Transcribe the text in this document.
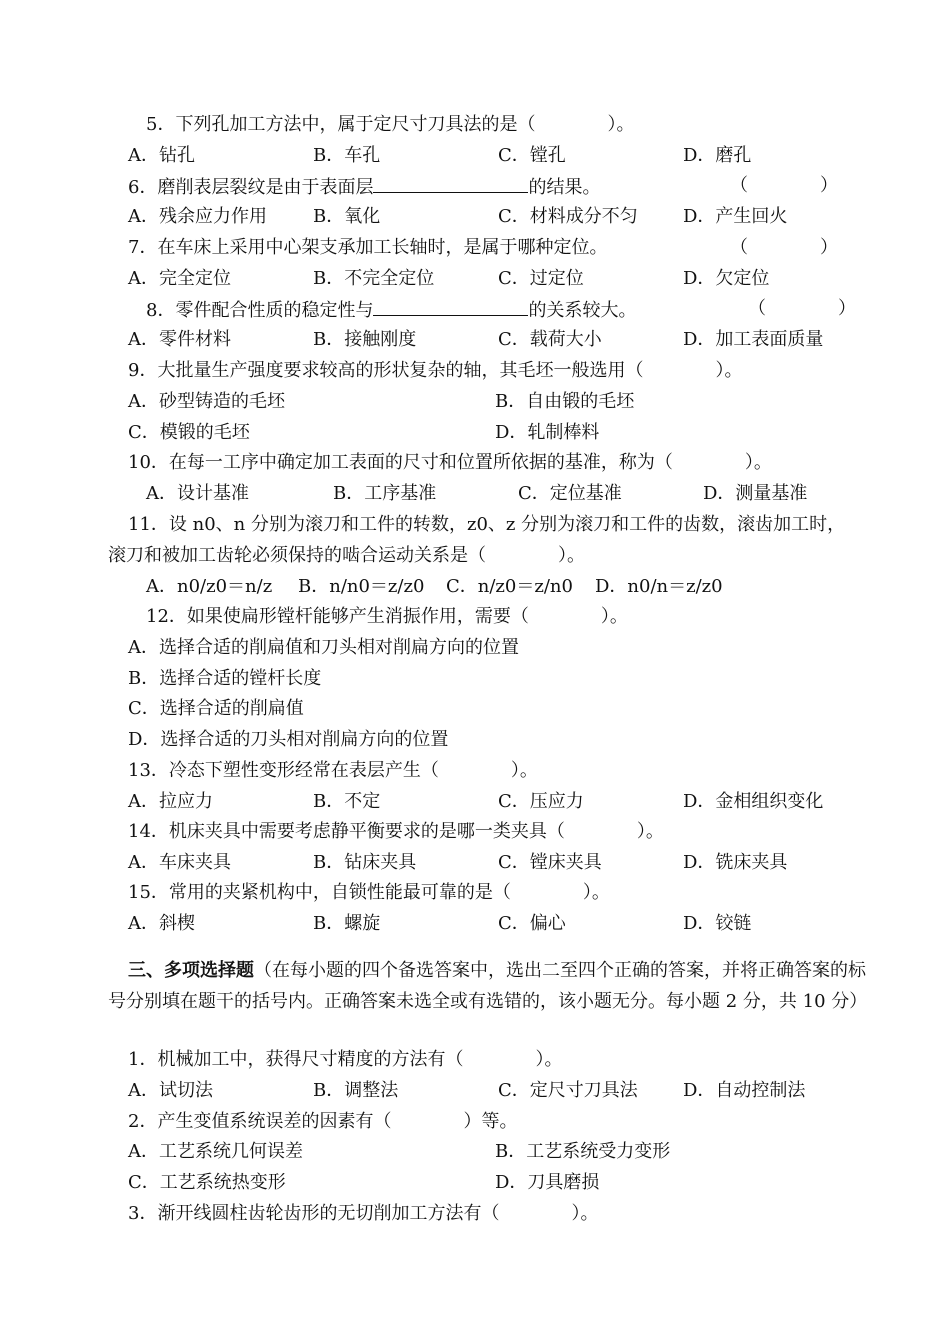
5．下列孔加工方法中，属于定尺寸刀具法的是（　　　　）。
A．钻孔	B．车孔	C．镗孔	D．磨孔
6．磨削表层裂纹是由于表面层	的结果。	（　　　　）
A．残余应力作用	B．氧化	C．材料成分不匀	D．产生回火
7．在车床上采用中心架支承加工长轴时，是属于哪种定位。	（　　　　）
A．完全定位	B．不完全定位	C．过定位	D．欠定位
8．零件配合性质的稳定性与	的关系较大。	（　　　　）
A．零件材料	B．接触刚度	C．载荷大小	D．加工表面质量
9．大批量生产强度要求较高的形状复杂的轴，其毛坯一般选用（　　　　）。
A．砂型铸造的毛坯	B．自由锻的毛坯
C．模锻的毛坯	D．轧制棒料
10．在每一工序中确定加工表面的尺寸和位置所依据的基准，称为（　　　　）。
A．设计基准	B．工序基准	C．定位基准	D．测量基准
11．设 n0、n 分别为滚刀和工件的转数，z0、z 分别为滚刀和工件的齿数，滚齿加工时，
滚刀和被加工齿轮必须保持的啮合运动关系是（　　　　）。
A．n0/z0＝n/z B．n/n0＝z/z0 C．n/z0＝z/n0 D．n0/n＝z/z0
12．如果使扁形镗杆能够产生消振作用，需要（　　　　）。
A．选择合适的削扁值和刀头相对削扁方向的位置
B．选择合适的镗杆长度
C．选择合适的削扁值
D．选择合适的刀头相对削扁方向的位置
13．冷态下塑性变形经常在表层产生（　　　　）。
A．拉应力	B．不定	C．压应力	D．金相组织变化
14．机床夹具中需要考虑静平衡要求的是哪一类夹具（　　　　）。
A．车床夹具	B．钻床夹具	C．镗床夹具	D．铣床夹具
15．常用的夹紧机构中，自锁性能最可靠的是（　　　　）。
A．斜楔	B．螺旋	C．偏心	D．铰链
三、多项选择题（在每小题的四个备选答案中，选出二至四个正确的答案，并将正确答案的标号分别填在题干的括号内。正确答案未选全或有选错的，该小题无分。每小题 2 分，共 10 分）
1．机械加工中，获得尺寸精度的方法有（　　　　）。
A．试切法	B．调整法	C．定尺寸刀具法	D．自动控制法
2．产生变值系统误差的因素有（　　　　）等。
A．工艺系统几何误差	B．工艺系统受力变形
C．工艺系统热变形	D．刀具磨损
3．渐开线圆柱齿轮齿形的无切削加工方法有（　　　　）。
